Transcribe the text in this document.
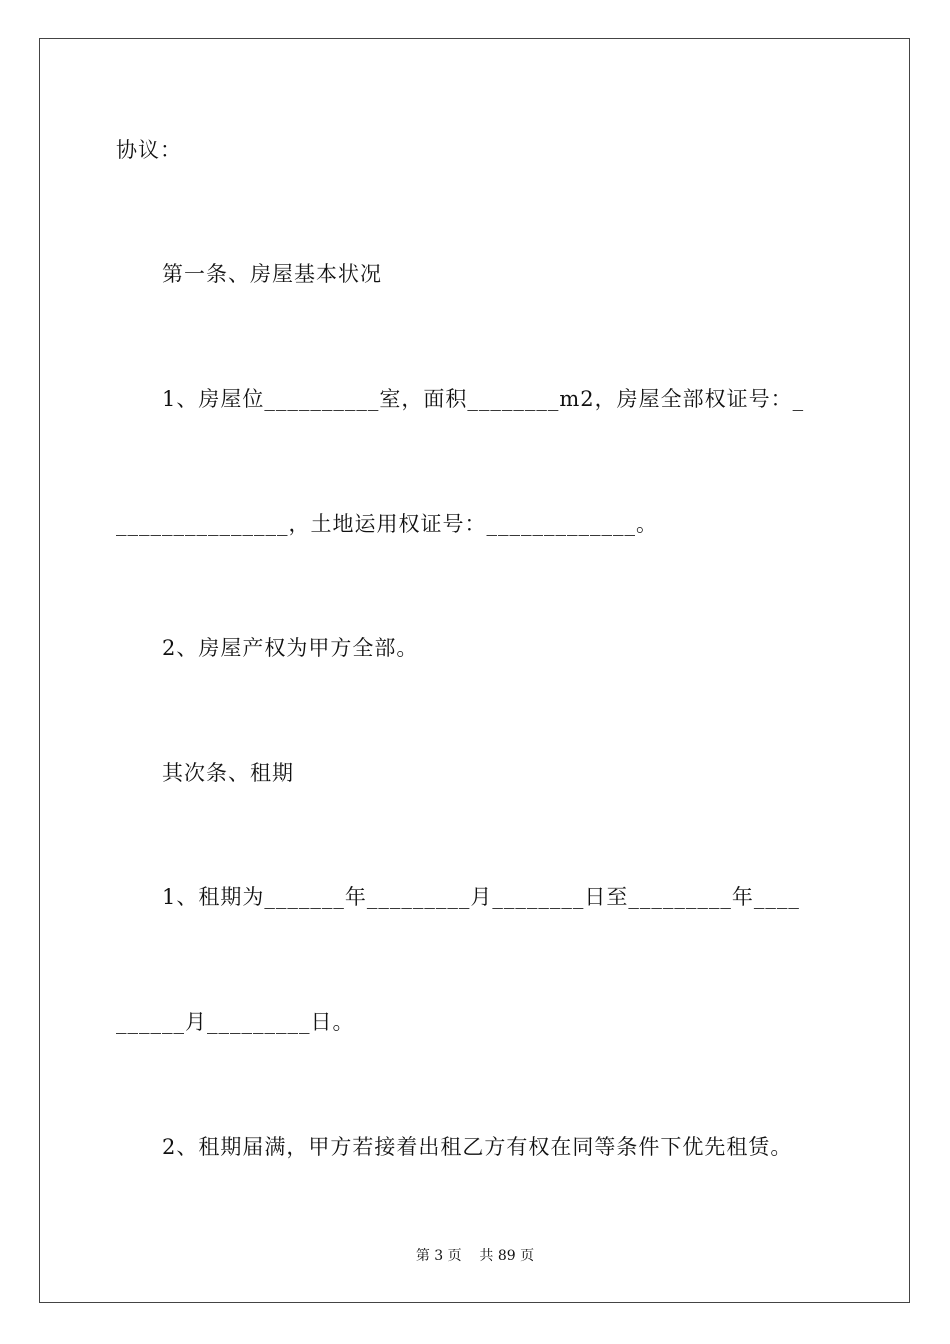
协议：
第一条、房屋基本状况
1、房屋位__________室，面积________m2，房屋全部权证号：_
_______________，土地运用权证号：_____________。
2、房屋产权为甲方全部。
其次条、租期
1、租期为_______年_________月________日至_________年____
______月_________日。
2、租期届满，甲方若接着出租乙方有权在同等条件下优先租赁。
第 3 页    共 89 页
